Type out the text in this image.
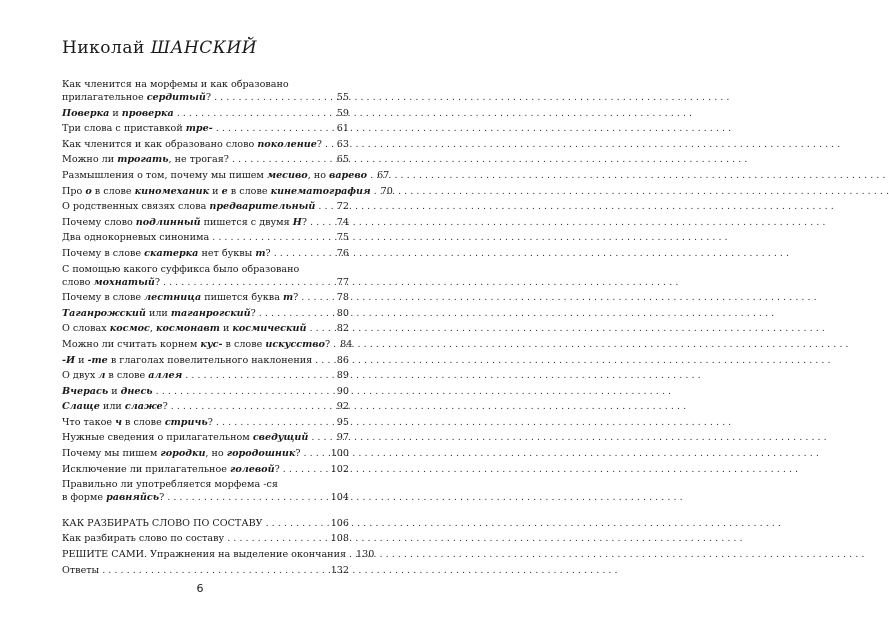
Николай ШАНСКИЙ
Как членится на морфемы и как образовано
прилагательное сердитый? . . .	55
Поверка и проверка . . .	59
Три слова с приставкой тре- . . .	61
Как членится и как образовано слово поколение? . . . 63
Можно ли трогать, не трогая? . . .	65
Размышления о том, почему мы пишем месиво, но варево . . . 67
Про о в слове киномеханик и е в слове кинематография . . . 70
О родственных связях слова предварительный . . . 72
Почему слово подлинный пишется с двумя Н? . . .	74
Два однокорневых синонима . . .	75
Почему в слове скатерка нет буквы т? . . .	76
С помощью какого суффикса было образовано
слово мохнатый? . . .	77
Почему в слове лестница пишется буква т? . . .	78
Таганрожский или таганрогский? . . .	80
О словах космос, космонавт и космический . . .	82
Можно ли считать корнем кус- в слове искусство? . . . 84
-И и -те в глаголах повелительного наклонения . . .	86
О двух л в слове аллея . . .	89
Вчерась и днесь . . .	90
Слаще или слаже? . . .	92
Что такое ч в слове стричь? . . .	95
Нужные сведения о прилагательном сведущий . . .	97
Почему мы пишем городки, но городошник? . . .	100
Исключение ли прилагательное голевой? . . .	102
Правильно ли употребляется морфема -ся
в форме равняйсь? . . .	104
КАК РАЗБИРАТЬ СЛОВО ПО СОСТАВУ . . .	106
Как разбирать слово по составу . . .	108
РЕШИТЕ САМИ. Упражнения на выделение окончания . . . 130
Ответы . . .	132
6
